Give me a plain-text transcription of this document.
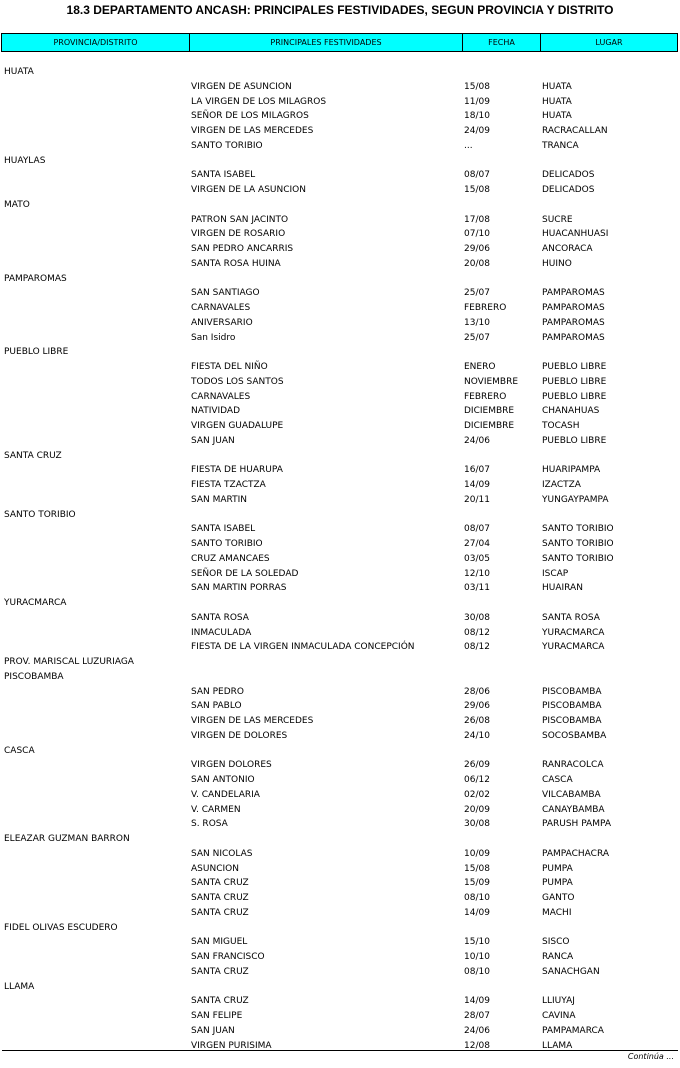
18.3 DEPARTAMENTO ANCASH: PRINCIPALES FESTIVIDADES, SEGUN PROVINCIA Y DISTRITO
PROVINCIA/DISTRITO	PRINCIPALES FESTIVIDADES	FECHA	LUGAR
HUATA
VIRGEN DE ASUNCION	15/08	HUATA
LA VIRGEN DE LOS MILAGROS	11/09	HUATA
SEÑOR DE LOS MILAGROS	18/10	HUATA
VIRGEN DE LAS MERCEDES	24/09	RACRACALLAN
SANTO TORIBIO	...	TRANCA
HUAYLAS
SANTA ISABEL	08/07	DELICADOS
VIRGEN DE LA ASUNCION	15/08	DELICADOS
MATO
PATRON SAN JACINTO	17/08	SUCRE
VIRGEN DE ROSARIO	07/10	HUACANHUASI
SAN PEDRO ANCARRIS	29/06	ANCORACA
SANTA ROSA HUINA	20/08	HUINO
PAMPAROMAS
SAN SANTIAGO	25/07	PAMPAROMAS
CARNAVALES	FEBRERO	PAMPAROMAS
ANIVERSARIO	13/10	PAMPAROMAS
San Isidro	25/07	PAMPAROMAS
PUEBLO LIBRE
FIESTA DEL NIÑO	ENERO	PUEBLO LIBRE
TODOS LOS SANTOS	NOVIEMBRE	PUEBLO LIBRE
CARNAVALES	FEBRERO	PUEBLO LIBRE
NATIVIDAD	DICIEMBRE	CHANAHUAS
VIRGEN GUADALUPE	DICIEMBRE	TOCASH
SAN JUAN	24/06	PUEBLO LIBRE
SANTA CRUZ
FIESTA DE HUARUPA	16/07	HUARIPAMPA
FIESTA TZACTZA	14/09	IZACTZA
SAN MARTIN	20/11	YUNGAYPAMPA
SANTO TORIBIO
SANTA ISABEL	08/07	SANTO TORIBIO
SANTO TORIBIO	27/04	SANTO TORIBIO
CRUZ AMANCAES	03/05	SANTO TORIBIO
SEÑOR DE LA SOLEDAD	12/10	ISCAP
SAN MARTIN PORRAS	03/11	HUAIRAN
YURACMARCA
SANTA ROSA	30/08	SANTA ROSA
INMACULADA	08/12	YURACMARCA
FIESTA DE LA VIRGEN INMACULADA CONCEPCIÓN	08/12	YURACMARCA
PROV. MARISCAL LUZURIAGA
PISCOBAMBA
SAN PEDRO	28/06	PISCOBAMBA
SAN PABLO	29/06	PISCOBAMBA
VIRGEN DE LAS MERCEDES	26/08	PISCOBAMBA
VIRGEN DE DOLORES	24/10	SOCOSBAMBA
CASCA
VIRGEN DOLORES	26/09	RANRACOLCA
SAN ANTONIO	06/12	CASCA
V. CANDELARIA	02/02	VILCABAMBA
V. CARMEN	20/09	CANAYBAMBA
S. ROSA	30/08	PARUSH PAMPA
ELEAZAR GUZMAN BARRON
SAN NICOLAS	10/09	PAMPACHACRA
ASUNCION	15/08	PUMPA
SANTA CRUZ	15/09	PUMPA
SANTA CRUZ	08/10	GANTO
SANTA CRUZ	14/09	MACHI
FIDEL OLIVAS ESCUDERO
SAN MIGUEL	15/10	SISCO
SAN FRANCISCO	10/10	RANCA
SANTA CRUZ	08/10	SANACHGAN
LLAMA
SANTA CRUZ	14/09	LLIUYAJ
SAN FELIPE	28/07	CAVINA
SAN JUAN	24/06	PAMPAMARCA
VIRGEN PURISIMA	12/08	LLAMA
Continúa ...
